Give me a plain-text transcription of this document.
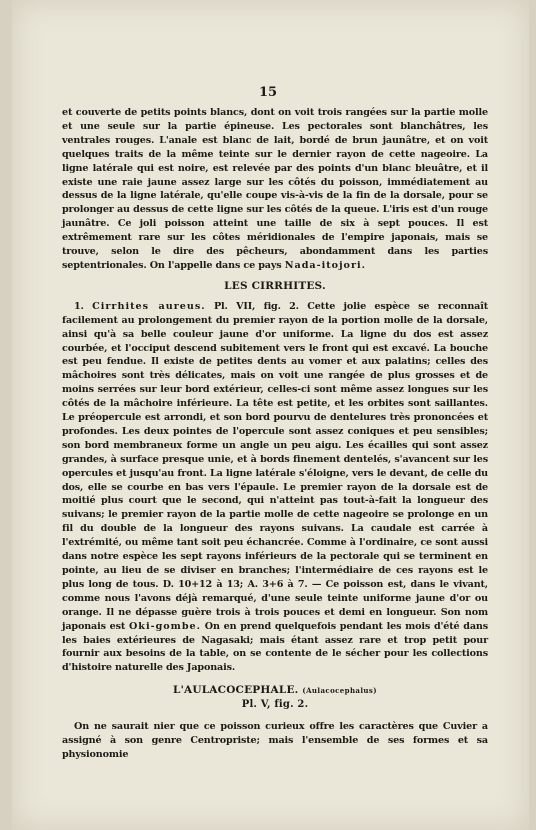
15

et couverte de petits points blancs, dont on voit trois rangées sur la partie molle et une seule sur la partie épineuse. Les pectorales sont blanchâtres, les ventrales rouges. L'anale est blanc de lait, bordé de brun jaunâtre, et on voit quelques traits de la même teinte sur le dernier rayon de cette nageoire. La ligne latérale qui est noire, est relevée par des points d'un blanc bleuâtre, et il existe une raie jaune assez large sur les côtés du poisson, immédiatement au dessus de la ligne latérale, qu'elle coupe vis-à-vis de la fin de la dorsale, pour se prolonger au dessus de cette ligne sur les côtés de la queue. L'iris est d'un rouge jaunâtre. Ce joli poisson atteint une taille de six à sept pouces. Il est extrêmement rare sur les côtes méridionales de l'empire japonais, mais se trouve, selon le dire des pêcheurs, abondamment dans les parties septentrionales. On l'appelle dans ce pays Nada-itojori.

LES CIRRHITES.

1. Cirrhites aureus. Pl. VII, fig. 2. Cette jolie espèce se reconnaît facilement au prolongement du premier rayon de la portion molle de la dorsale, ainsi qu'à sa belle couleur jaune d'or uniforme. La ligne du dos est assez courbée, et l'occiput descend subitement vers le front qui est excavé. La bouche est peu fendue. Il existe de petites dents au vomer et aux palatins; celles des mâchoires sont très délicates, mais on voit une rangée de plus grosses et de moins serrées sur leur bord extérieur, celles-ci sont même assez longues sur les côtés de la mâchoire inférieure. La tête est petite, et les orbites sont saillantes. Le préopercule est arrondi, et son bord pourvu de dentelures très prononcées et profondes. Les deux pointes de l'opercule sont assez coniques et peu sensibles; son bord membraneux forme un angle un peu aigu. Les écailles qui sont assez grandes, à surface presque unie, et à bords finement dentelés, s'avancent sur les opercules et jusqu'au front. La ligne latérale s'éloigne, vers le devant, de celle du dos, elle se courbe en bas vers l'épaule. Le premier rayon de la dorsale est de moitié plus court que le second, qui n'atteint pas tout-à-fait la longueur des suivans; le premier rayon de la partie molle de cette nageoire se prolonge en un fil du double de la longueur des rayons suivans. La caudale est carrée à l'extrémité, ou même tant soit peu échancrée. Comme à l'ordinaire, ce sont aussi dans notre espèce les sept rayons inférieurs de la pectorale qui se terminent en pointe, au lieu de se diviser en branches; l'intermédiaire de ces rayons est le plus long de tous. D. 10+12 à 13; A. 3+6 à 7. — Ce poisson est, dans le vivant, comme nous l'avons déjà remarqué, d'une seule teinte uniforme jaune d'or ou orange. Il ne dépasse guère trois à trois pouces et demi en longueur. Son nom japonais est Oki-gombe. On en prend quelquefois pendant les mois d'été dans les baies extérieures de Nagasaki; mais étant assez rare et trop petit pour fournir aux besoins de la table, on se contente de le sécher pour les collections d'histoire naturelle des Japonais.

L'AULACOCEPHALE. (Aulacocephalus)
Pl. V, fig. 2.

On ne saurait nier que ce poisson curieux offre les caractères que Cuvier a assigné à son genre Centropriste; mais l'ensemble de ses formes et sa physionomie
